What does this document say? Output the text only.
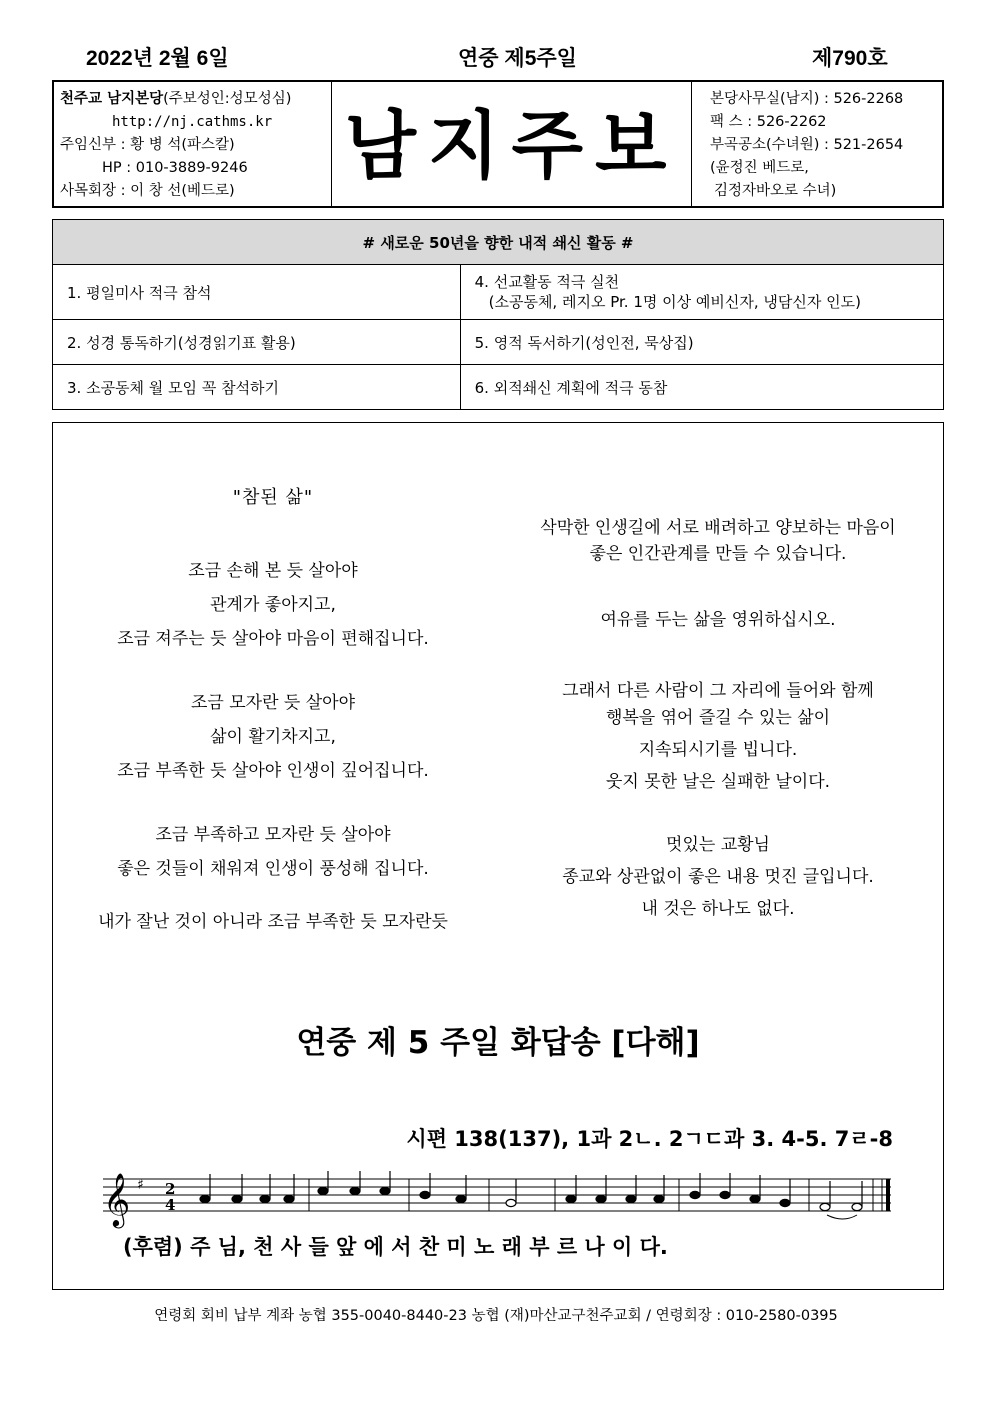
2022년 2월 6일	연중 제5주일	제790호
천주교 남지본당(주보성인:성모성심)
http://nj.cathms.kr
주임신부 : 황 병 석(파스칼)
HP : 010-3889-9246
사목회장 : 이 창 선(베드로)
남지주보
본당사무실(남지) : 526-2268
팩 스 : 526-2262
부곡공소(수녀원) : 521-2654
(윤정진 베드로,
김정자바오로 수녀)
# 새로운 50년을 향한 내적 쇄신 활동 #	
1. 평일미사 적극 참석	4. 선교활동 적극 실천
(소공동체, 레지오 Pr. 1명 이상 예비신자, 냉담신자 인도)

2. 성경 통독하기(성경읽기표 활용)	5. 영적 독서하기(성인전, 묵상집)
3. 소공동체 월 모임 꼭 참석하기	6. 외적쇄신 계획에 적극 동참
"참된 삶"
조금 손해 본 듯 살아야
관계가 좋아지고,
조금 져주는 듯 살아야 마음이 편해집니다.
조금 모자란 듯 살아야
삶이 활기차지고,
조금 부족한 듯 살아야 인생이 깊어집니다.
조금 부족하고 모자란 듯 살아야
좋은 것들이 채워져 인생이 풍성해 집니다.
내가 잘난 것이 아니라 조금 부족한 듯 모자란듯
삭막한 인생길에 서로 배려하고 양보하는 마음이
좋은 인간관계를 만들 수 있습니다.
여유를 두는 삶을 영위하십시오.
그래서 다른 사람이 그 자리에 들어와 함께
행복을 엮어 즐길 수 있는 삶이
지속되시기를 빕니다.
웃지 못한 날은 실패한 날이다.
멋있는 교황님
종교와 상관없이 좋은 내용 멋진 글입니다.
내 것은 하나도 없다.
연중 제 5 주일 화답송 [다해]
시편 138(137), 1과 2ㄴ. 2ㄱㄷ과 3. 4-5. 7ㄹ-8
𝄞 ♯ 2
4
(후렴) 주 님, 천 사 들 앞 에 서 찬 미 노 래 부 르 나 이 다.
연령회 회비 납부 계좌 농협 355-0040-8440-23 농협 (재)마산교구천주교회 / 연령회장 : 010-2580-0395
